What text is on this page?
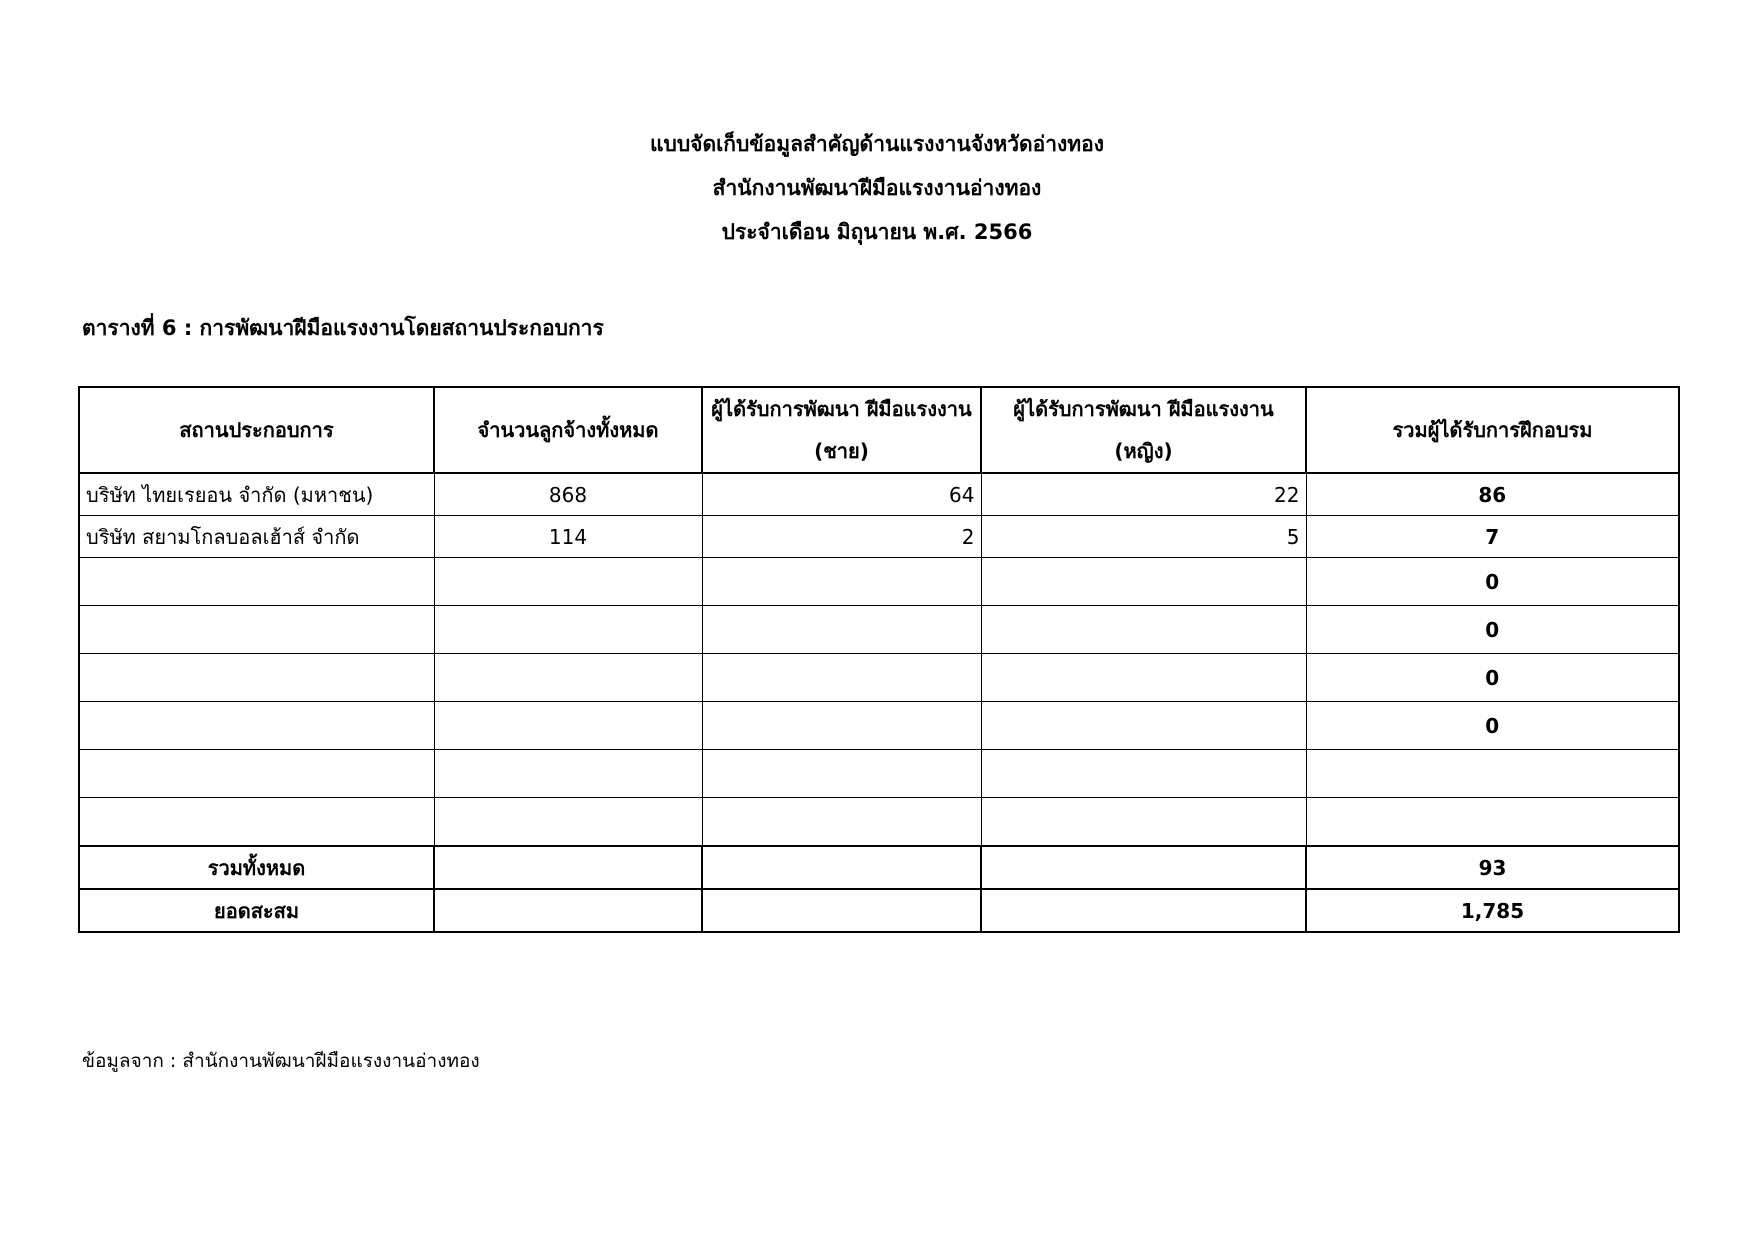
แบบจัดเก็บข้อมูลสำคัญด้านแรงงานจังหวัดอ่างทอง
สำนักงานพัฒนาฝีมือแรงงานอ่างทอง
ประจำเดือน มิถุนายน พ.ศ. 2566
ตารางที่ 6 : การพัฒนาฝีมือแรงงานโดยสถานประกอบการ
สถานประกอบการ	จำนวนลูกจ้างทั้งหมด	ผู้ได้รับการพัฒนา ฝีมือแรงงาน (ชาย)	ผู้ได้รับการพัฒนา ฝีมือแรงงาน (หญิง)	รวมผู้ได้รับการฝึกอบรม
บริษัท ไทยเรยอน จำกัด (มหาชน)	868	64	22	86
บริษัท สยามโกลบอลเฮ้าส์ จำกัด	114	2	5	7
				0
				0
				0
				0

รวมทั้งหมด				93
ยอดสะสม				1,785
ข้อมูลจาก : สำนักงานพัฒนาฝีมือแรงงานอ่างทอง
